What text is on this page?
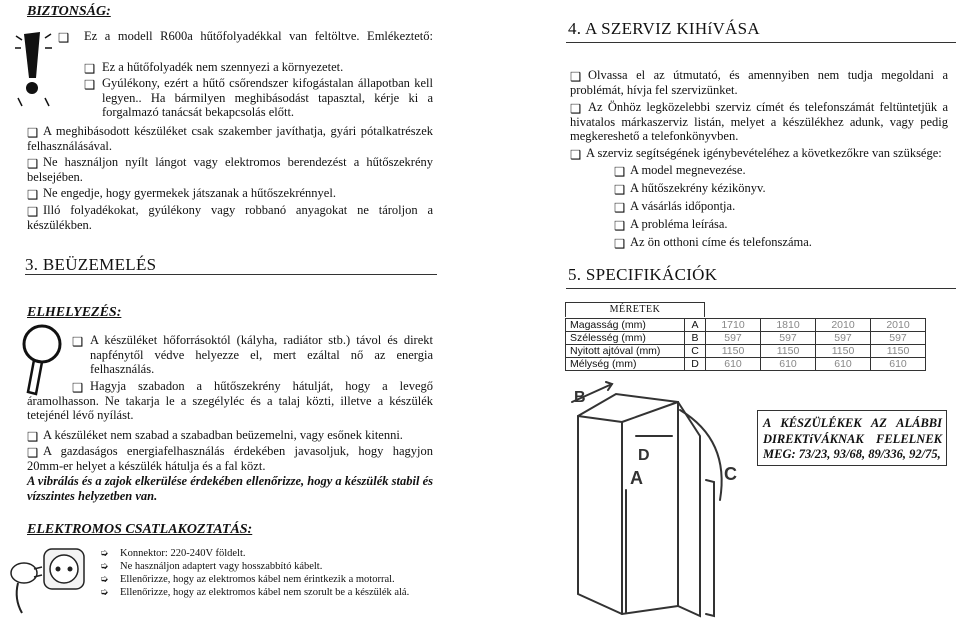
BIZTONSÁG:
❑	Ez a modell R600a hűtőfolyadékkal van feltöltve. Emlékeztető:
❑ Ez a hűtőfolyadék nem szennyezi a környezetet.
❑ Gyúlékony, ezért a hűtő csőrendszer kifogástalan állapotban kell legyen.. Ha bármilyen meghibásodást tapasztal, kérje ki a forgalmazó tanácsát bekapcsolás előtt.
❑ A meghibásodott készüléket csak szakember javíthatja, gyári pótalkatrészek felhasználásával.
❑ Ne használjon nyílt lángot vagy elektromos berendezést a hűtőszekrény belsejében.
❑ Ne engedje, hogy gyermekek játszanak a hűtőszekrénnyel.
❑ Illó folyadékokat, gyúlékony vagy robbanó anyagokat ne tároljon a készülékben.
3. BEÜZEMELÉS
ELHELYEZÉS:
❑ A készüléket hőforrásoktól (kályha, radiátor stb.) távol és direkt napfénytől védve helyezze el, mert ezáltal nő az energia felhasználás.
❑ Hagyja szabadon a hűtőszekrény hátulját, hogy a levegő áramolhasson. Ne takarja le a szegélyléc és a talaj közti, illetve a készülék tetejénél lévő nyílást.
❑ A készüléket nem szabad a szabadban beüzemelni, vagy esőnek kitenni.
❑ A gazdaságos energiafelhasználás érdekében javasoljuk, hogy hagyjon 20mm-er helyet a készülék hátulja és a fal közt.
A vibrálás és a zajok elkerülése érdekében ellenőrizze, hogy a készülék stabil és vízszintes helyzetben van.
ELEKTROMOS CSATLAKOZTATÁS:
➭ Konnektor: 220-240V földelt.
➭ Ne használjon adaptert vagy hosszabbító kábelt.
➭ Ellenőrizze, hogy az elektromos kábel nem érintkezik a motorral.
➭ Ellenőrizze, hogy az elektromos kábel nem szorult be a készülék alá.
4. A SZERVIZ KIHíVÁSA
❑ Olvassa el az útmutató, és amennyiben nem tudja megoldani a problémát, hívja fel szervizünket.
❑ Az Önhöz legközelebbi szerviz címét és telefonszámát feltüntetjük a hivatalos márkaszerviz listán, melyet a készülékhez adunk, vagy pedig megkereshető a telefonkönyvben.
❑ A szerviz segítségének igénybevételéhez a következőkre van szüksége:
❑ A model megnevezése.
❑ A hűtőszekrény kézikönyv.
❑ A vásárlás időpontja.
❑ A probléma leírása.
❑ Az ön otthoni címe és telefonszáma.
5. SPECIFIKÁCIÓK
MÉRETEK
Magasság (mm)	A	1710	1810	2010	2010
Szélesség (mm)	B	597	597	597	597
Nyitott ajtóval (mm)	C	1150	1150	1150	1150
Mélység (mm)	D	610	610	610	610
B
A
D
C
A KÉSZÜLÉKEK AZ ALÁBBI DIREKTíVÁKNAK FELELNEK MEG: 73/23, 93/68, 89/336, 92/75,
